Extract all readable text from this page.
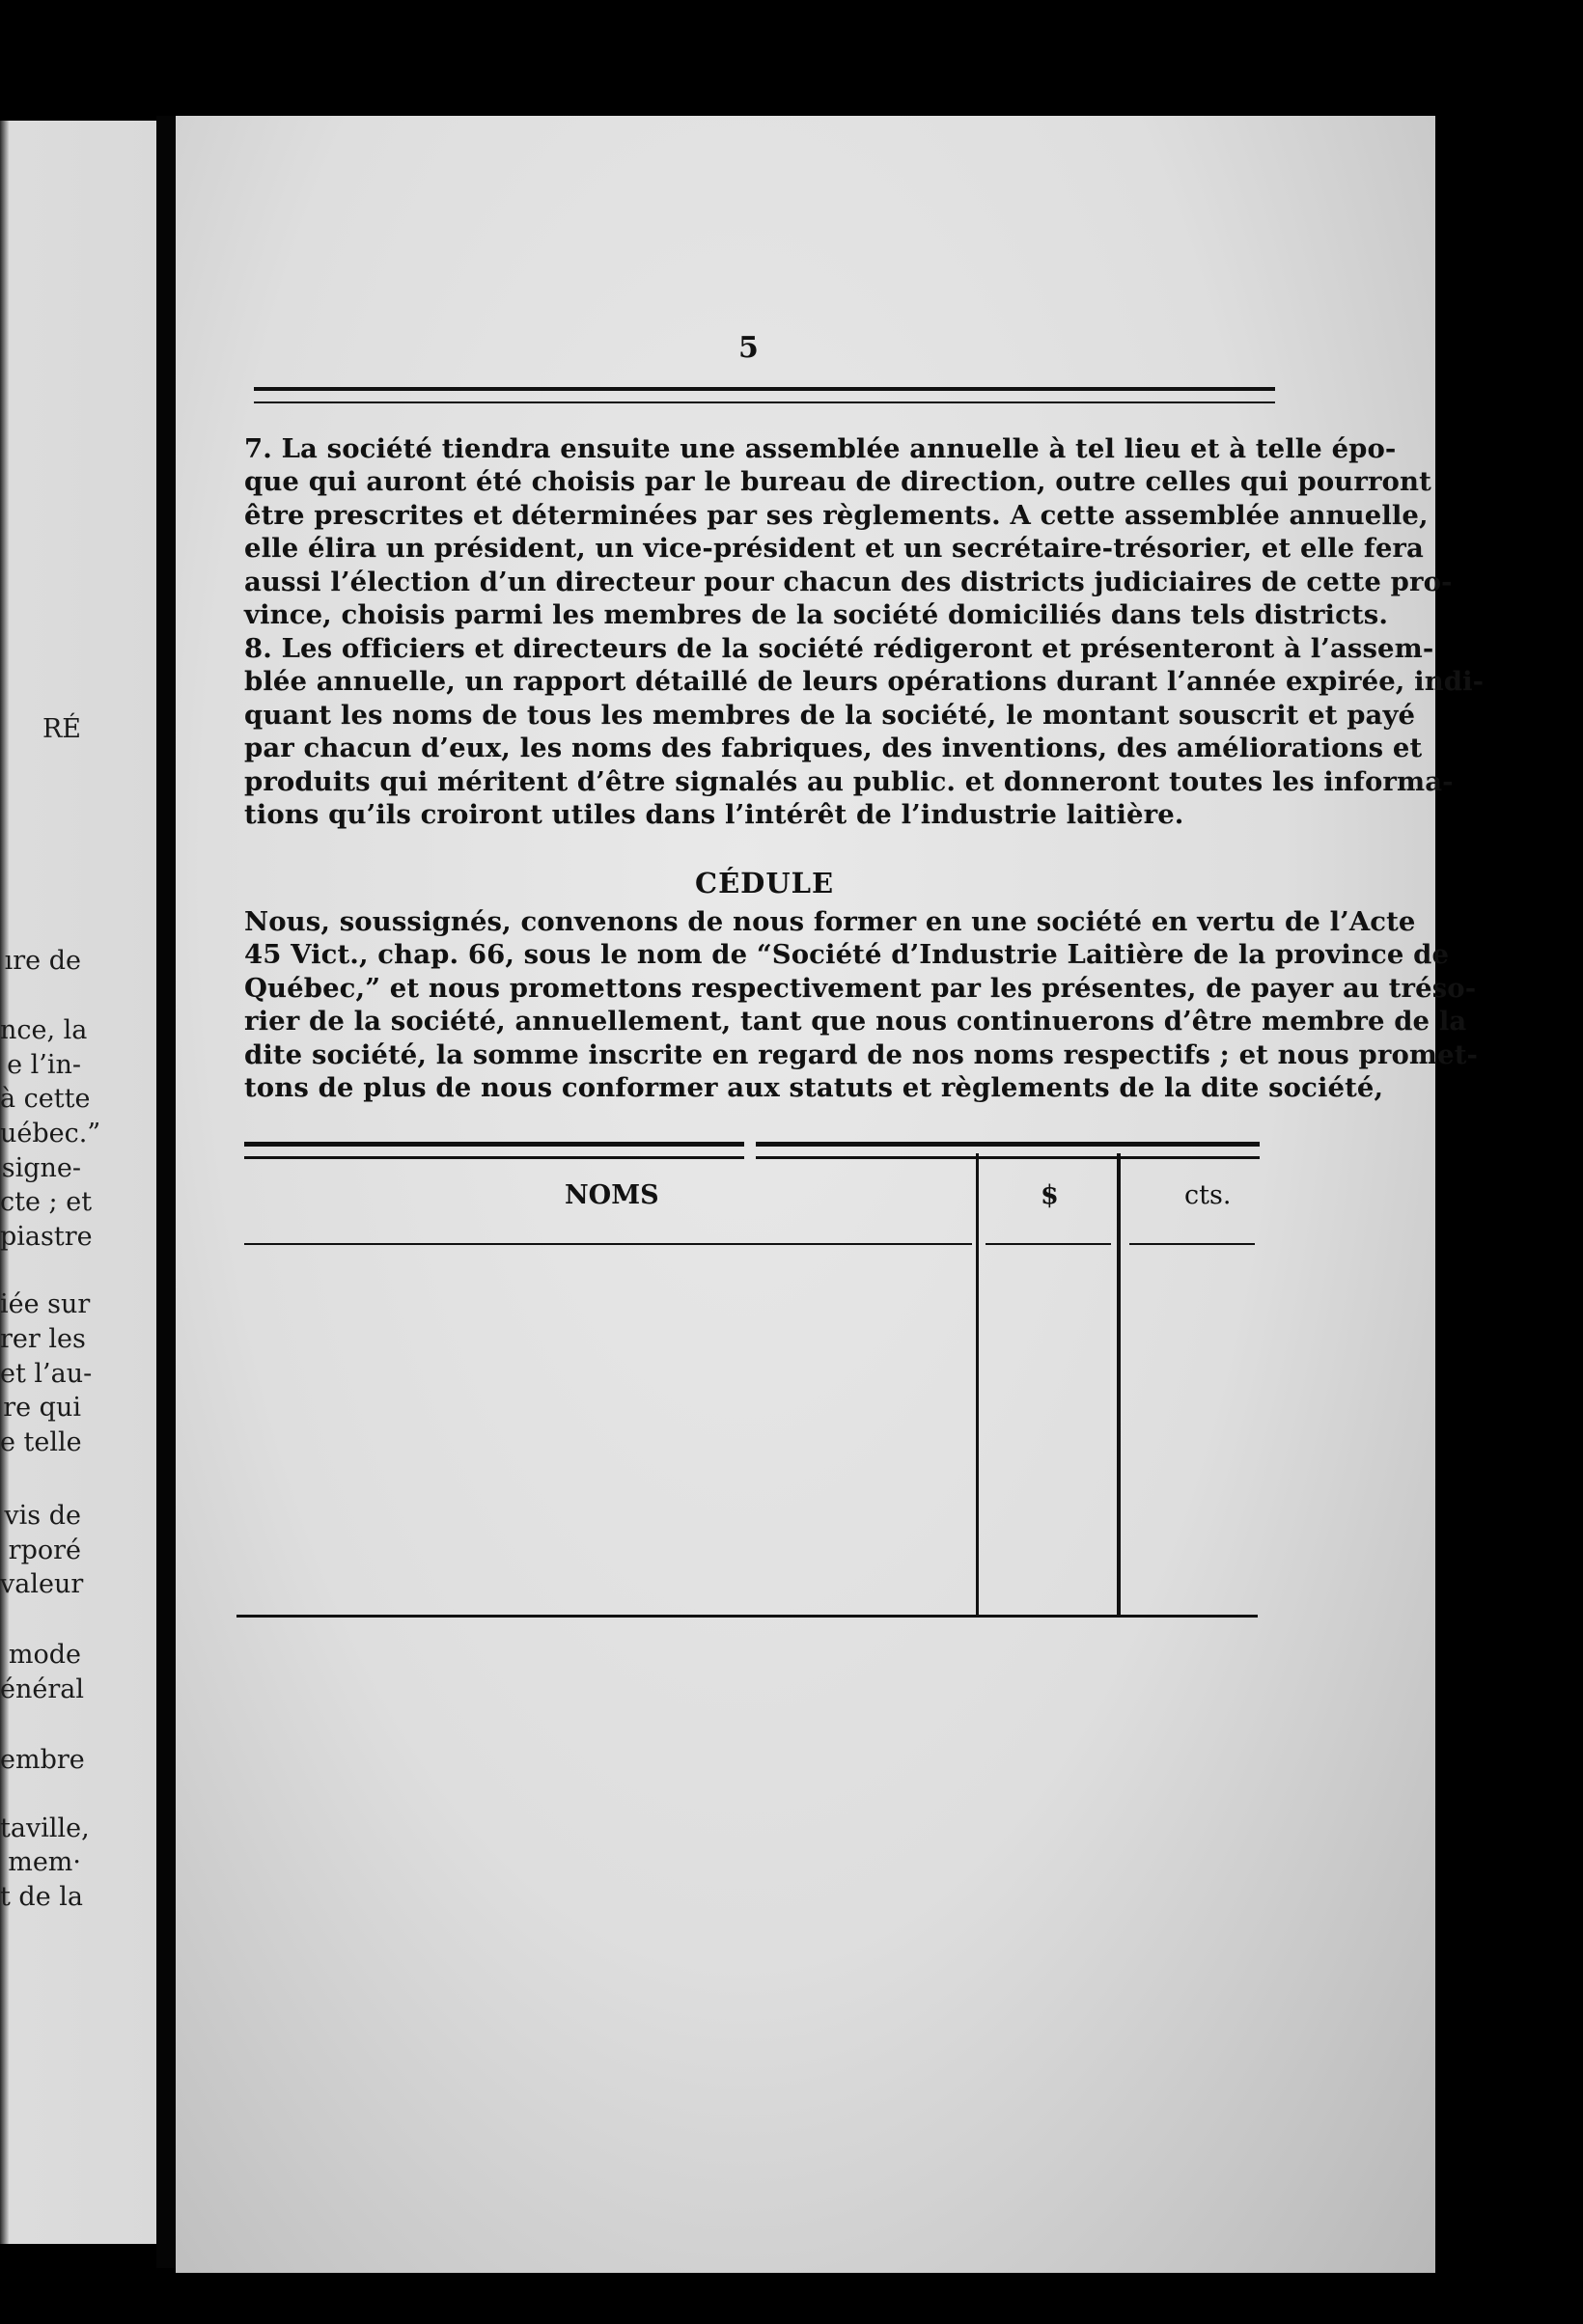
RÉ
ıre de
nce, la
e l’in-
à cette
uébec.”
signe-
cte ; et
piastre
iée sur
rer les
et l’au-
re qui
e telle
vis de
rporé
valeur
mode
énéral
embre
taville,
mem·
t de la
5
7. La société tiendra ensuite une assemblée annuelle à tel lieu et à telle épo-
que qui auront été choisis par le bureau de direction, outre celles qui pourront
être prescrites et déterminées par ses règlements. A cette assemblée annuelle,
elle élira un président, un vice-président et un secrétaire-trésorier, et elle fera
aussi l’élection d’un directeur pour chacun des districts judiciaires de cette pro-
vince, choisis parmi les membres de la société domiciliés dans tels districts.
8. Les officiers et directeurs de la société rédigeront et présenteront à l’assem-
blée annuelle, un rapport détaillé de leurs opérations durant l’année expirée, indi-
quant les noms de tous les membres de la société, le montant souscrit et payé
par chacun d’eux, les noms des fabriques, des inventions, des améliorations et
produits qui méritent d’être signalés au public. et donneront toutes les informa-
tions qu’ils croiront utiles dans l’intérêt de l’industrie laitière.
CÉDULE
Nous, soussignés, convenons de nous former en une société en vertu de l’Acte
45 Vict., chap. 66, sous le nom de “Société d’Industrie Laitière de la province de
Québec,” et nous promettons respectivement par les présentes, de payer au tréso-
rier de la société, annuellement, tant que nous continuerons d’être membre de la
dite société, la somme inscrite en regard de nos noms respectifs ; et nous promet-
tons de plus de nous conformer aux statuts et règlements de la dite société,
NOMS	$	cts.
